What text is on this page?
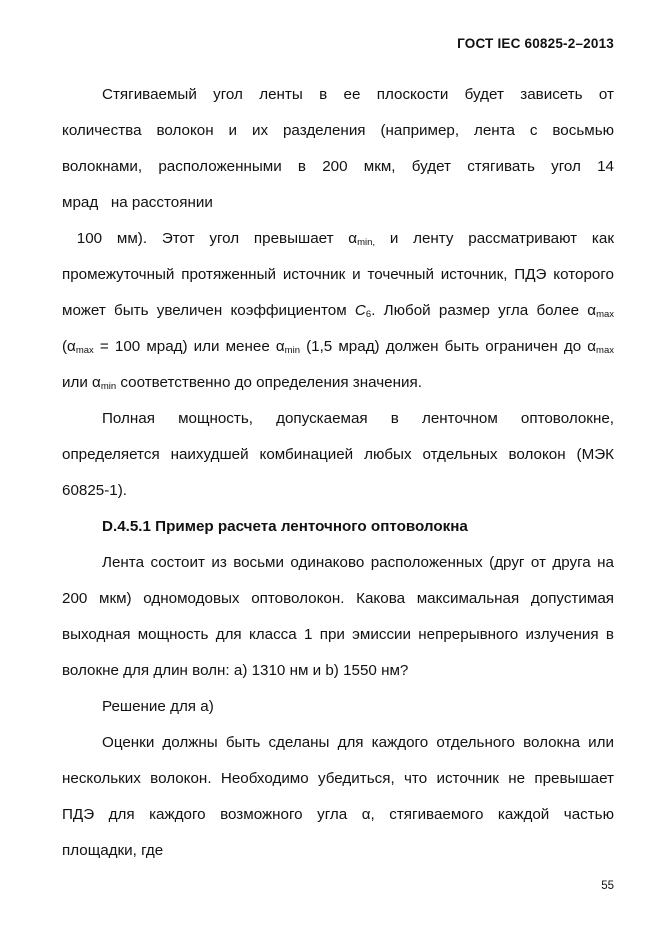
ГОСТ IEC 60825-2–2013

Стягиваемый угол ленты в ее плоскости будет зависеть от

количества волокон и их разделения (например, лента с восьмью

волокнами, расположенными в 200 мкм, будет стягивать угол 14

мрад   на расстоянии

100 мм). Этот угол превышает $\alpha_{min,}$ и ленту рассматривают как

промежуточный протяженный источник и точечный источник, ПДЭ которого

может быть увеличен коэффициентом $C_6$. Любой размер угла более $\alpha_{max}$

($\alpha_{max} = 100$ мрад) или менее $\alpha_{min}$ (1,5 мрад) должен быть ограничен до $\alpha_{max}$

или $\alpha_{min}$ соответственно до определения значения.

Полная мощность, допускаемая в ленточном оптоволокне,

определяется наихудшей комбинацией любых отдельных волокон (МЭК

60825-1).

D.4.5.1 Пример расчета ленточного оптоволокна

Лента состоит из восьми одинаково расположенных (друг от друга на

200 мкм) одномодовых оптоволокон. Какова максимальная допустимая

выходная мощность для класса 1 при эмиссии непрерывного излучения в

волокне для длин волн: a) 1310 нм и b) 1550 нм?

Решение для a)

Оценки должны быть сделаны для каждого отдельного волокна или

нескольких волокон. Необходимо убедиться, что источник не превышает

ПДЭ для каждого возможного угла α, стягиваемого каждой частью

площадки, где

55
